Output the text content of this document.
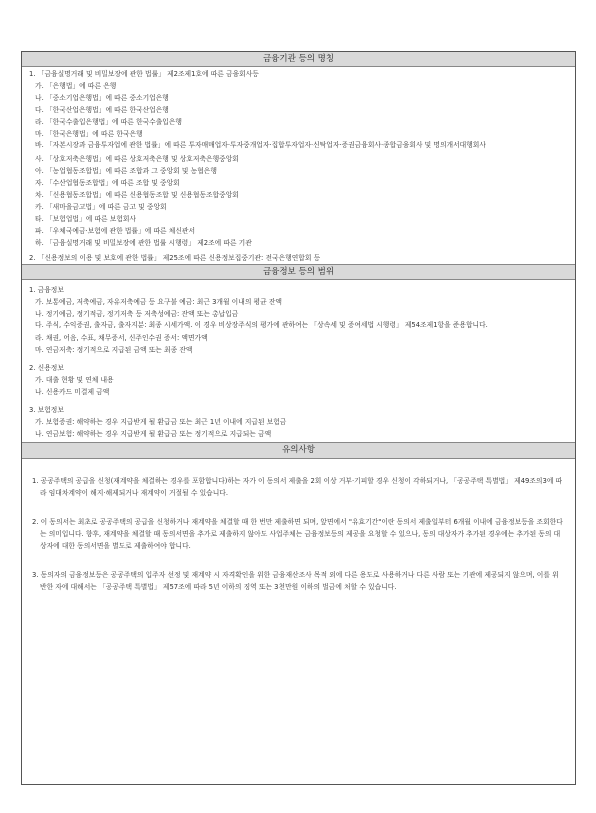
금융기관 등의 명칭
1. 「금융실명거래 및 비밀보장에 관한 법률」 제2조제1호에 따른 금융회사등
가. 「은행법」에 따른 은행
나. 「중소기업은행법」에 따른 중소기업은행
다. 「한국산업은행법」에 따른 한국산업은행
라. 「한국수출입은행법」에 따른 한국수출입은행
마. 「한국은행법」에 따른 한국은행
바. 「자본시장과 금융투자업에 관한 법률」에 따른 투자매매업자·투자중개업자·집합투자업자·신탁업자·증권금융회사·종합금융회사 및 명의개서대행회사
사. 「상호저축은행법」에 따른 상호저축은행 및 상호저축은행중앙회
아. 「농업협동조합법」에 따른 조합과 그 중앙회 및 농협은행
자. 「수산업협동조합법」에 따른 조합 및 중앙회
차. 「신용협동조합법」에 따른 신용협동조합 및 신용협동조합중앙회
카. 「새마을금고법」에 따른 금고 및 중앙회
타. 「보험업법」에 따른 보험회사
파. 「우체국예금·보험에 관한 법률」에 따른 체신관서
하. 「금융실명거래 및 비밀보장에 관한 법률 시행령」 제2조에 따른 기관
2. 「신용정보의 이용 및 보호에 관한 법률」 제25조에 따른 신용정보집중기관: 전국은행연합회 등
금융정보 등의 범위
1. 금융정보
가. 보통예금, 저축예금, 자유저축예금 등 요구불 예금: 최근 3개월 이내의 평균 잔액
나. 정기예금, 정기적금, 정기저축 등 저축성예금: 잔액 또는 총납입금
다. 주식, 수익증권, 출자금, 출자지분: 최종 시세가액. 이 경우 비상장주식의 평가에 관하여는 「상속세 및 증여세법 시행령」 제54조제1항을 준용합니다.
라. 채권, 어음, 수표, 채무증서, 신주인수권 증서: 액면가액
마. 연금저축: 정기적으로 지급된 금액 또는 최종 잔액
2. 신용정보
가. 대출 현황 및 연체 내용
나. 신용카드 미결제 금액
3. 보험정보
가. 보험증권: 해약하는 경우 지급받게 될 환급금 또는 최근 1년 이내에 지급된 보험금
나. 연금보험: 해약하는 경우 지급받게 될 환급금 또는 정기적으로 지급되는 금액
유의사항

1. 공공주택의 공급을 신청(재계약을 체결하는 경우를 포함합니다)하는 자가 이 동의서 제출을 2회 이상 거부·기피할 경우 신청이 각하되거나, 「공공주택 특별법」 제49조의3에 따라 임대차계약이 해지·해제되거나 재계약이 거절될 수 있습니다.

2. 이 동의서는 최초로 공공주택의 공급을 신청하거나 재계약을 체결할 때 한 번만 제출하면 되며, 앞면에서 "유효기간"이란 동의서 제출일부터 6개월 이내에 금융정보등을 조회한다는 의미입니다. 향후, 재계약을 체결할 때 동의서면을 추가로 제출하지 않아도 사업주체는 금융정보등의 제공을 요청할 수 있으나, 동의 대상자가 추가된 경우에는 추가된 동의 대상자에 대한 동의서면을 별도로 제출하여야 합니다.

3. 동의자의 금융정보등은 공공주택의 입주자 선정 및 재계약 시 자격확인을 위한 금융재산조사 목적 외에 다른 용도로 사용하거나 다른 사람 또는 기관에 제공되지 않으며, 이를 위반한 자에 대해서는 「공공주택 특별법」 제57조에 따라 5년 이하의 징역 또는 3천만원 이하의 벌금에 처할 수 있습니다.
